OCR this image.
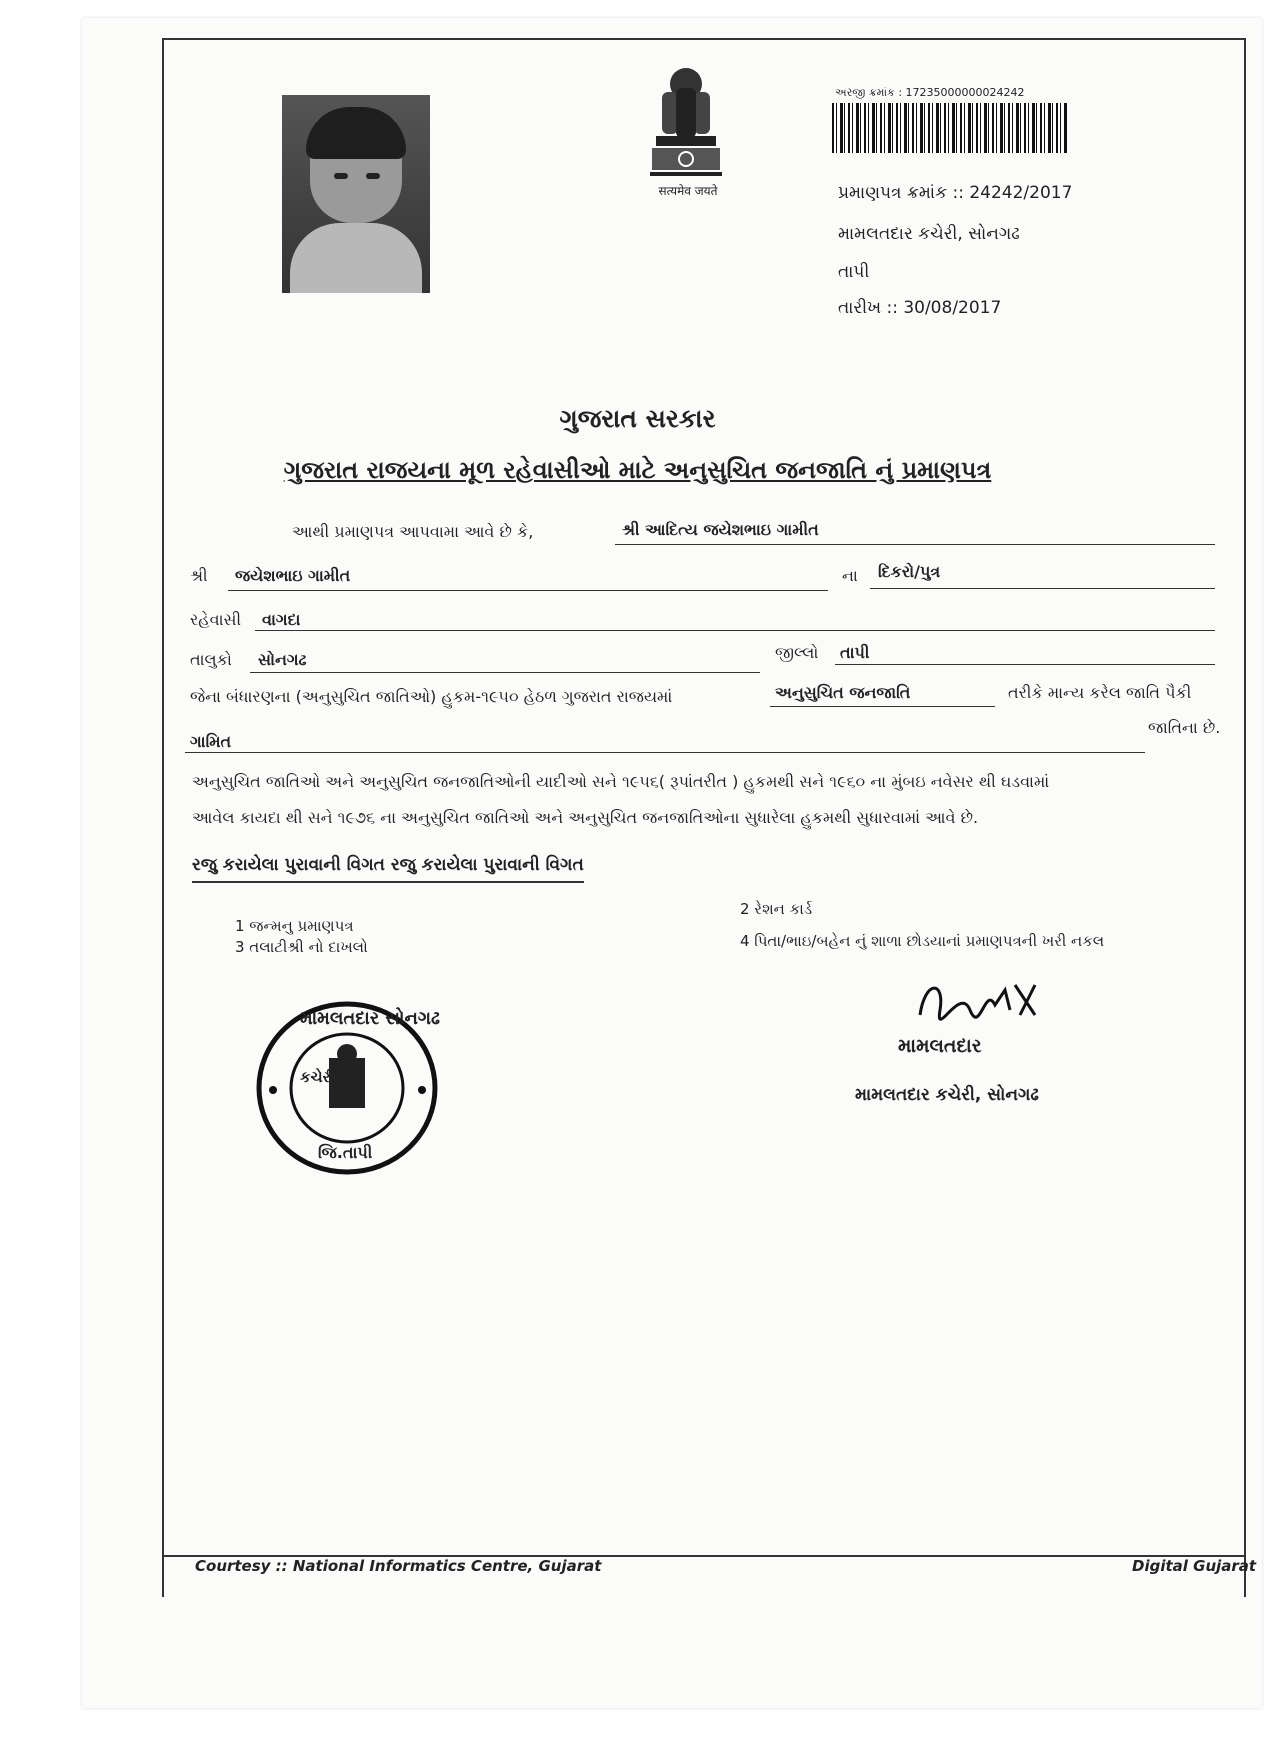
सत्यमेव जयते
અરજી ક્રમાંક : 17235000000024242
પ્રમાણપત્ર ક્રમાંક :: 24242/2017
મામલતદાર કચેરી, સોનગઢ
તાપી
તારીખ :: 30/08/2017
ગુજરાત સરકાર
ગુજરાત રાજયના મૂળ રહેવાસીઓ માટે અનુસુચિત જનજાતિ નું પ્રમાણપત્ર
આથી પ્રમાણપત્ર આપવામા આવે છે કે,	શ્રી આદિત્ય જયેશભાઇ ગામીત
શ્રી જયેશભાઇ ગામીત	ના દિકરો/પુત્ર
રહેવાસી વાગદા
તાલુકો સોનગઢ	જીલ્લો તાપી
જેના બંધારણના (અનુસુચિત જાતિઓ) હુકમ-૧૯૫૦ હેઠળ ગુજરાત રાજયમાં	અનુસુચિત જનજાતિ	તરીકે માન્ય કરેલ જાતિ પૈકી
ગામિત
જાતિના છે.
અનુસુચિત જાતિઓ અને અનુસુચિત જનજાતિઓની યાદીઓ સને ૧૯૫૬( રૂપાંતરીત ) હુકમથી સને ૧૯૬૦ ના મુંબઇ નવેસર થી ઘડવામાં
આવેલ કાયદા થી સને ૧૯૭૬ ના અનુસુચિત જાતિઓ અને અનુસુચિત જનજાતિઓના સુધારેલા હુકમથી સુધારવામાં આવે છે.
રજુ કરાયેલા પુરાવાની વિગત રજુ કરાયેલા પુરાવાની વિગત
1 જન્મનુ પ્રમાણપત્ર
2 રેશન કાર્ડ
3 તલાટીશ્રી નો દાખલો	4 પિતા/ભાઇ/બહેન નું શાળા છોડયાનાં પ્રમાણપત્રની ખરી નકલ
મામલતદાર સોનગઢ
કચેરી
જિ.તાપી
મામલતદાર
મામલતદાર કચેરી, સોનગઢ
Courtesy :: National Informatics Centre, Gujarat	Digital Gujarat
